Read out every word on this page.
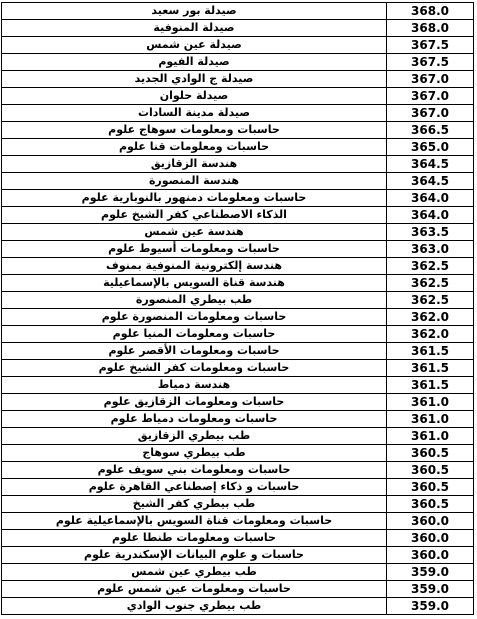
صيدلة بور سعيد	368.0
صيدلة المنوفية	368.0
صيدلة عين شمس	367.5
صيدلة الفيوم	367.5
صيدلة ج الوادي الجديد	367.0
صيدلة حلوان	367.0
صيدلة مدينة السادات	367.0
حاسبات ومعلومات سوهاج علوم	366.5
حاسبات ومعلومات قنا علوم	365.0
هندسة الزقازيق	364.5
هندسة المنصورة	364.5
حاسبات ومعلومات دمنهور بالنوبارية علوم	364.0
الذكاء الاصطناعي كفر الشيخ علوم	364.0
هندسة عين شمس	363.5
حاسبات ومعلومات أسيوط علوم	363.0
هندسة إلكترونية المنوفية بمنوف	362.5
هندسة قناة السويس بالإسماعيلية	362.5
طب بيطري المنصورة	362.5
حاسبات ومعلومات المنصورة علوم	362.0
حاسبات ومعلومات المنيا علوم	362.0
حاسبات ومعلومات الأقصر علوم	361.5
حاسبات ومعلومات كفر الشيخ علوم	361.5
هندسة دمياط	361.5
حاسبات ومعلومات الزقازيق علوم	361.0
حاسبات ومعلومات دمياط علوم	361.0
طب بيطري الزقازيق	361.0
طب بيطري سوهاج	360.5
حاسبات ومعلومات بني سويف علوم	360.5
حاسبات و ذكاء إصطناعي القاهرة علوم	360.5
طب بيطري كفر الشيخ	360.5
حاسبات ومعلومات قناة السويس بالإسماعيلية علوم	360.0
حاسبات ومعلومات طنطا علوم	360.0
حاسبات و علوم البيانات الإسكندرية علوم	360.0
طب بيطري عين شمس	359.0
حاسبات ومعلومات عين شمس علوم	359.0
طب بيطري جنوب الوادي	359.0
